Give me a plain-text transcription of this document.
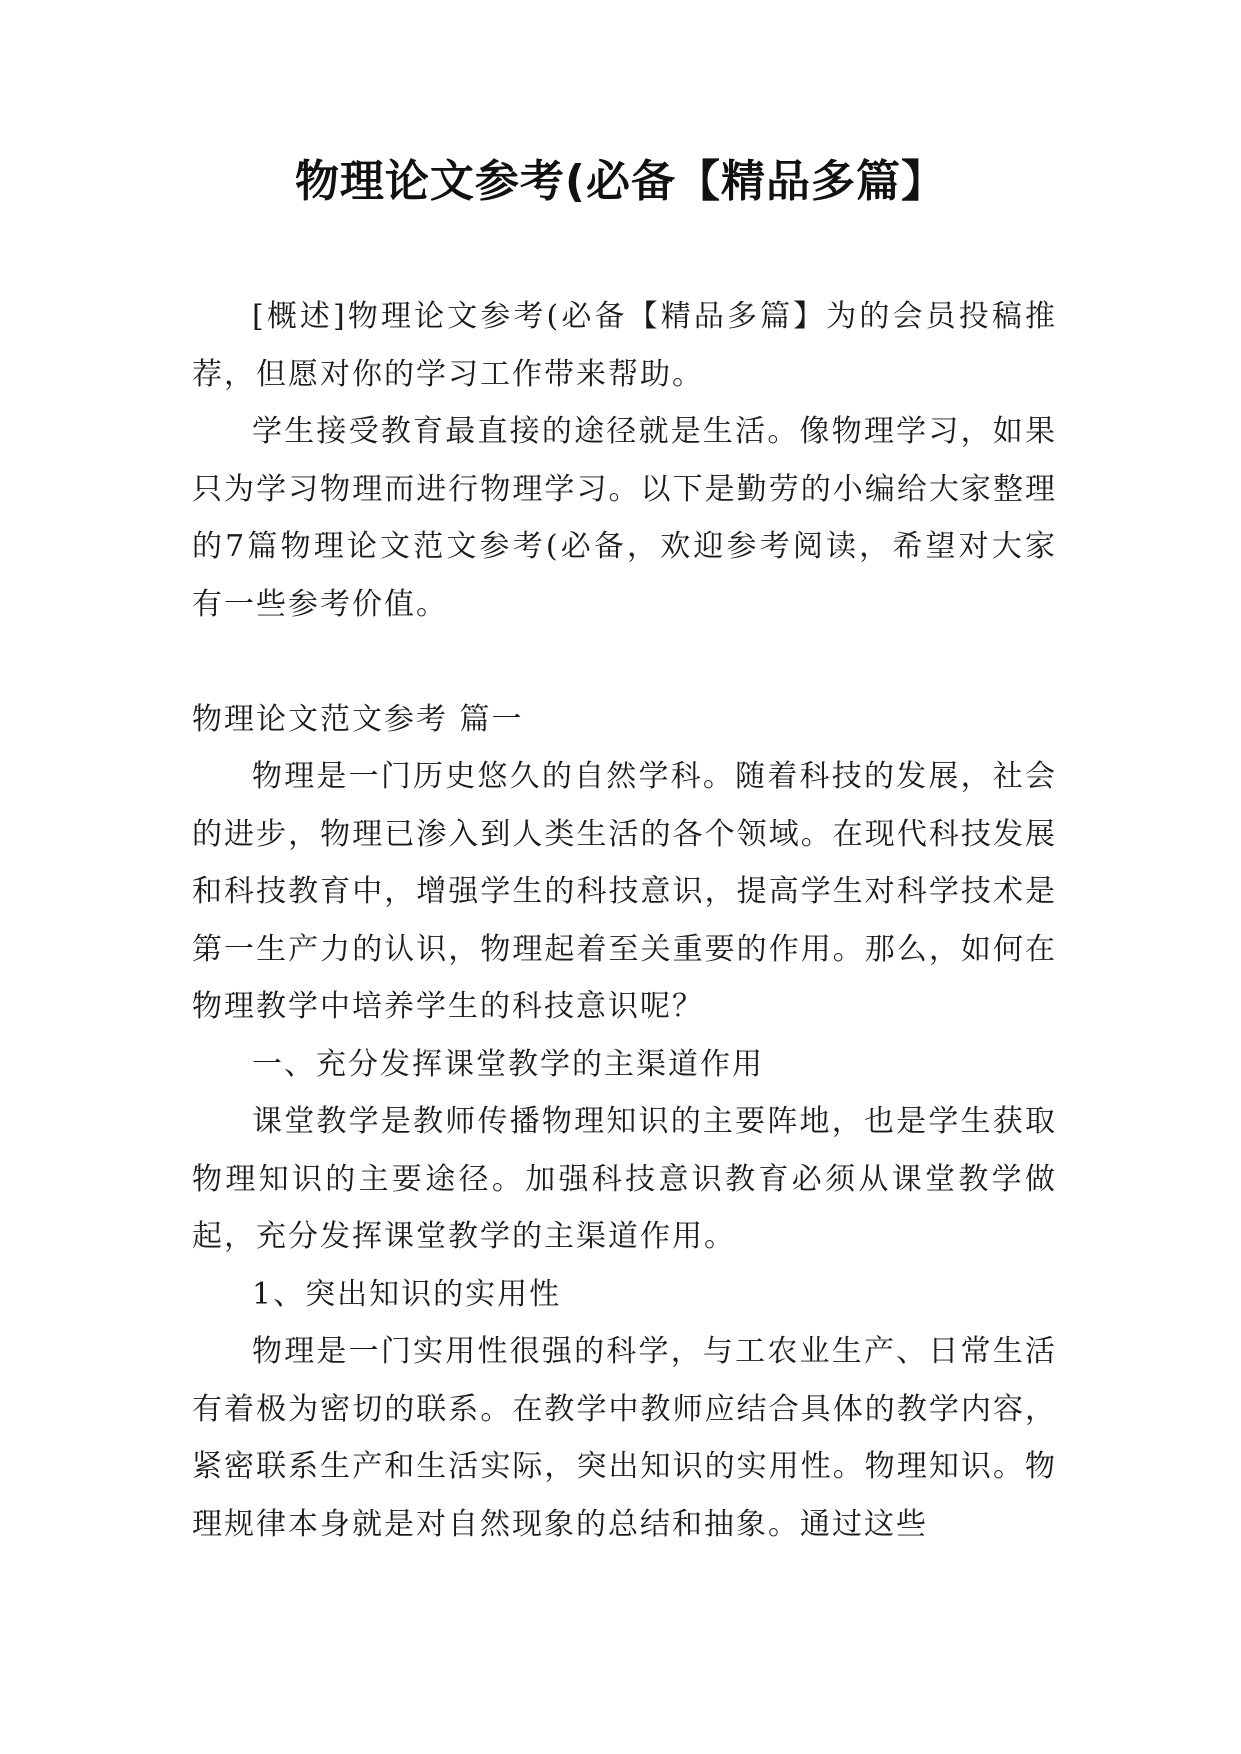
物理论文参考(必备【精品多篇】

[概述]物理论文参考(必备【精品多篇】为的会员投稿推荐，但愿对你的学习工作带来帮助。

学生接受教育最直接的途径就是生活。像物理学习，如果只为学习物理而进行物理学习。以下是勤劳的小编给大家整理的7篇物理论文范文参考(必备，欢迎参考阅读，希望对大家有一些参考价值。

物理论文范文参考 篇一

物理是一门历史悠久的自然学科。随着科技的发展，社会的进步，物理已渗入到人类生活的各个领域。在现代科技发展和科技教育中，增强学生的科技意识，提高学生对科学技术是第一生产力的认识，物理起着至关重要的作用。那么，如何在物理教学中培养学生的科技意识呢？

一、充分发挥课堂教学的主渠道作用

课堂教学是教师传播物理知识的主要阵地，也是学生获取物理知识的主要途径。加强科技意识教育必须从课堂教学做起，充分发挥课堂教学的主渠道作用。

1、突出知识的实用性

物理是一门实用性很强的科学，与工农业生产、日常生活有着极为密切的联系。在教学中教师应结合具体的教学内容，紧密联系生产和生活实际，突出知识的实用性。物理知识。物理规律本身就是对自然现象的总结和抽象。通过这些
